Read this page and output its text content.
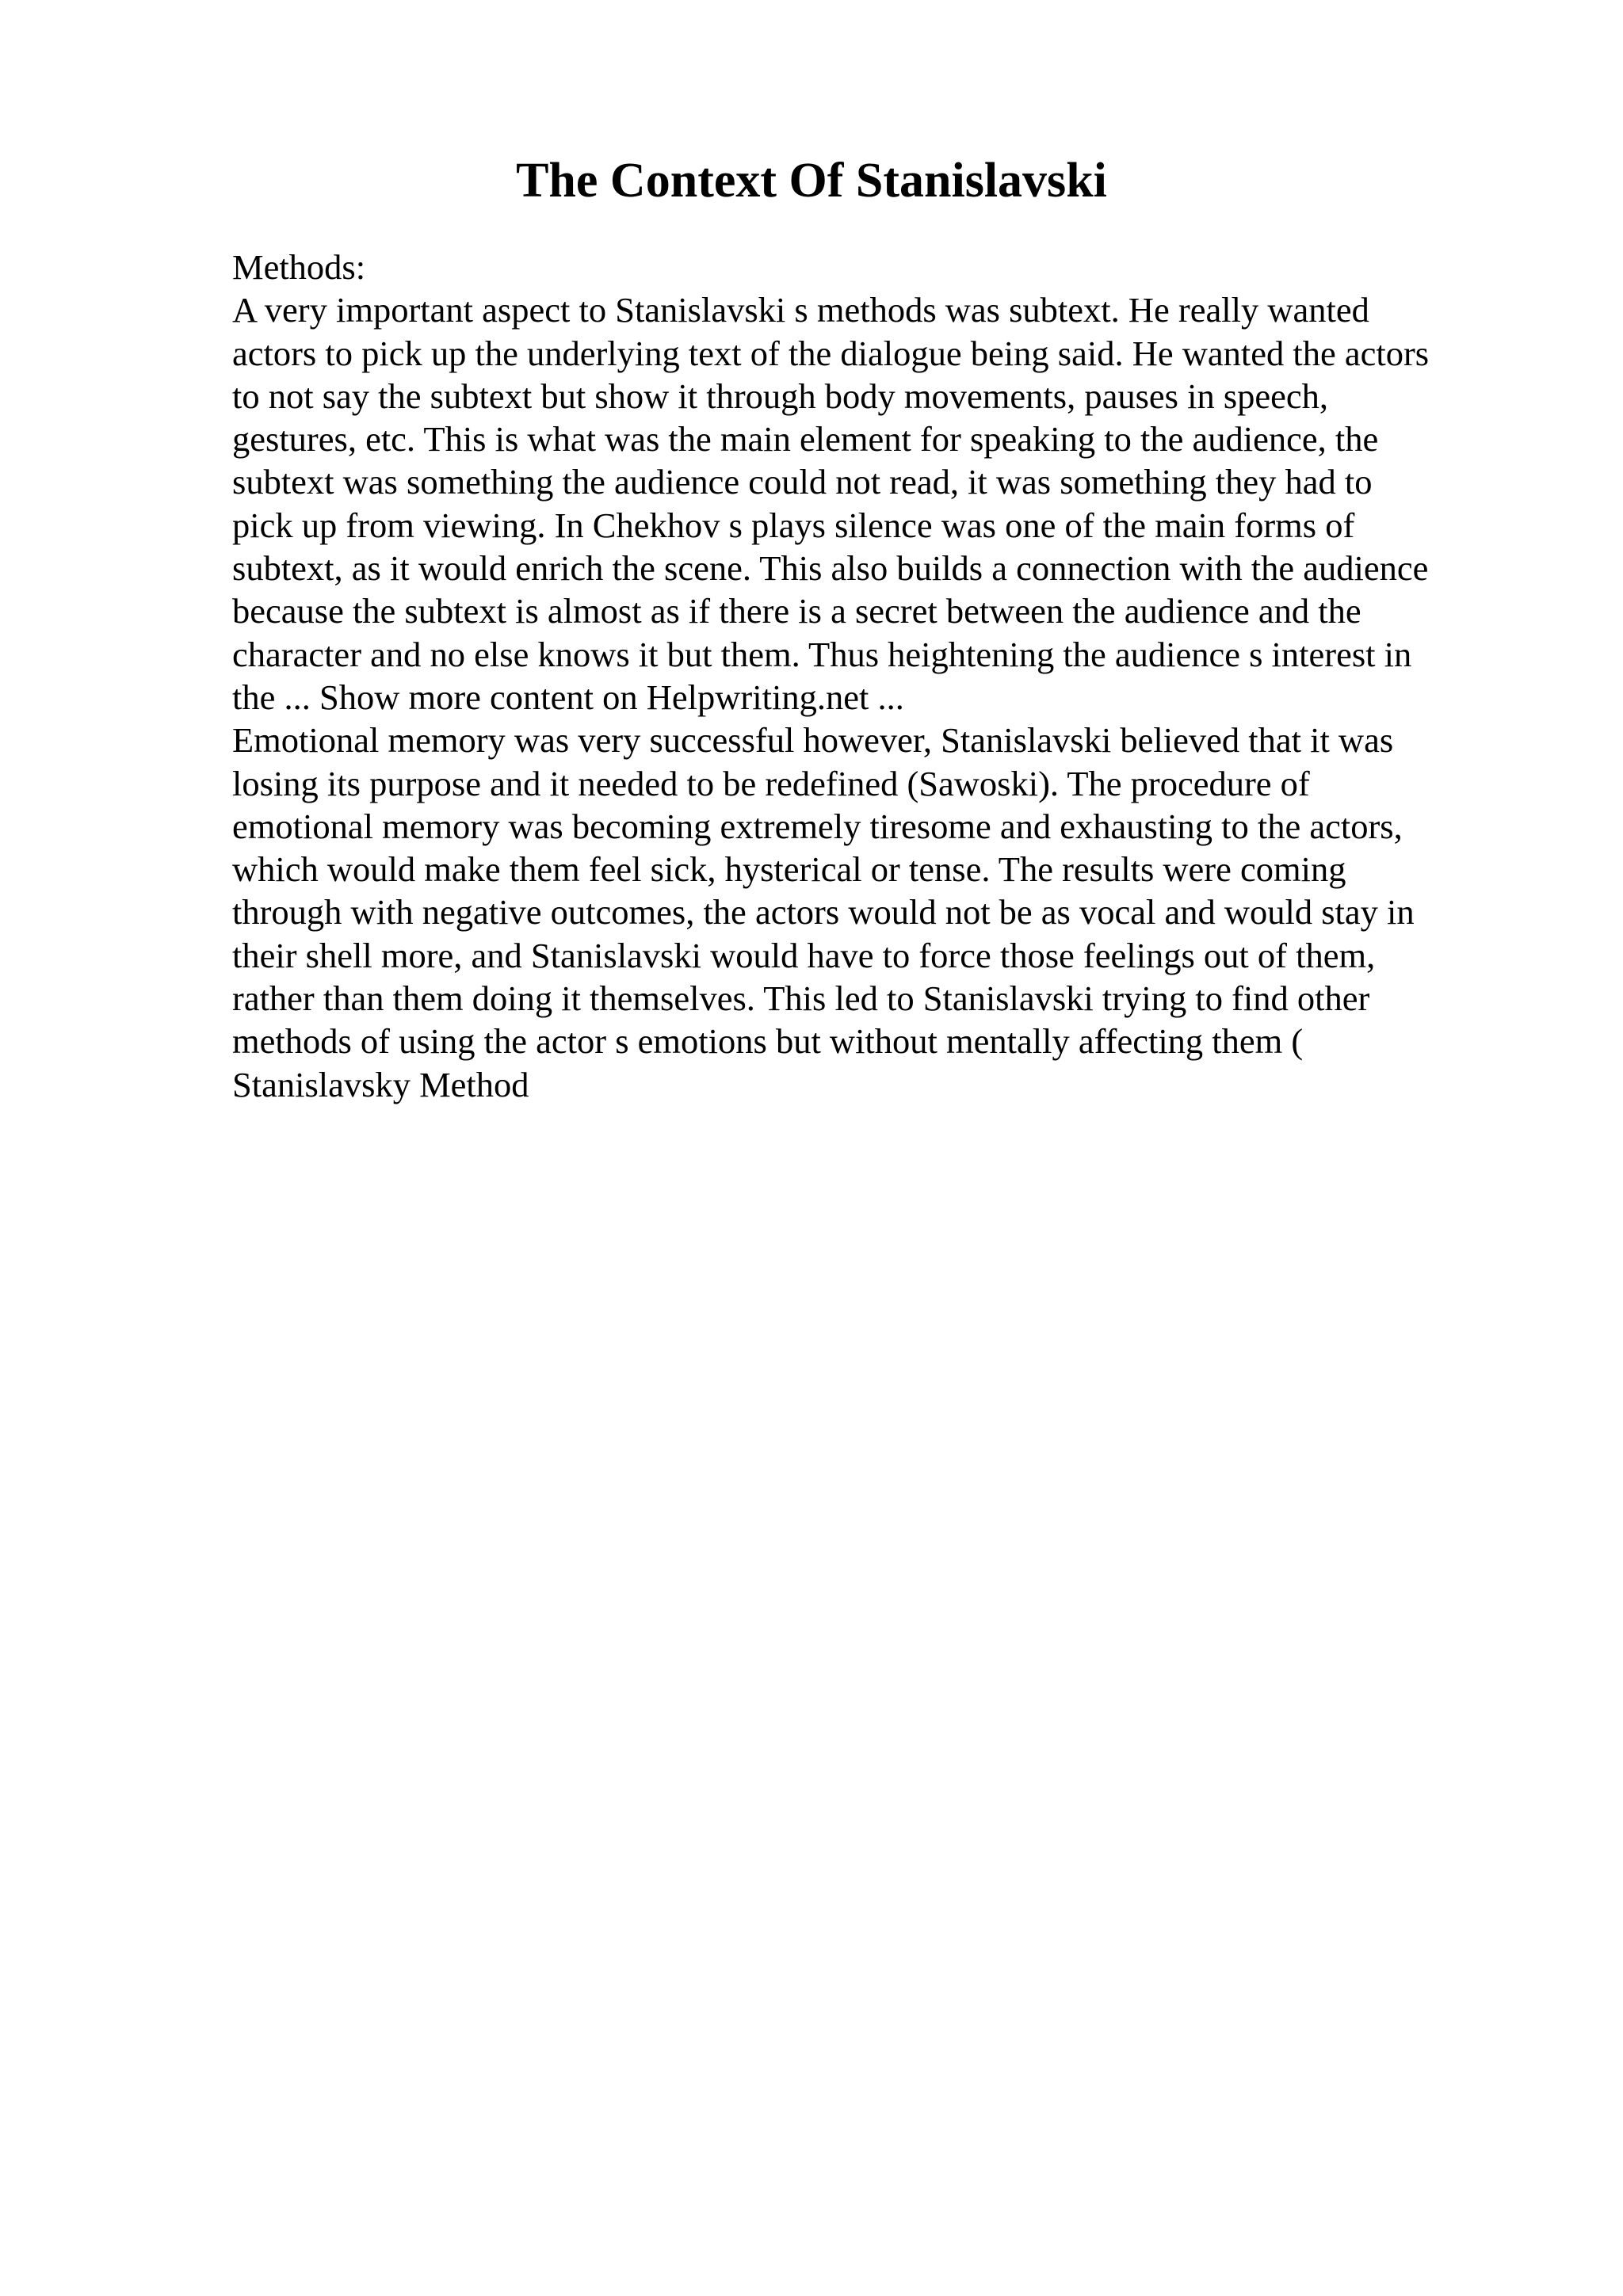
The Context Of Stanislavski
Methods:
A very important aspect to Stanislavski s methods was subtext. He really wanted
actors to pick up the underlying text of the dialogue being said. He wanted the actors
to not say the subtext but show it through body movements, pauses in speech,
gestures, etc. This is what was the main element for speaking to the audience, the
subtext was something the audience could not read, it was something they had to
pick up from viewing. In Chekhov s plays silence was one of the main forms of
subtext, as it would enrich the scene. This also builds a connection with the audience
because the subtext is almost as if there is a secret between the audience and the
character and no else knows it but them. Thus heightening the audience s interest in
the ... Show more content on Helpwriting.net ...
Emotional memory was very successful however, Stanislavski believed that it was
losing its purpose and it needed to be redefined (Sawoski). The procedure of
emotional memory was becoming extremely tiresome and exhausting to the actors,
which would make them feel sick, hysterical or tense. The results were coming
through with negative outcomes, the actors would not be as vocal and would stay in
their shell more, and Stanislavski would have to force those feelings out of them,
rather than them doing it themselves. This led to Stanislavski trying to find other
methods of using the actor s emotions but without mentally affecting them (
Stanislavsky Method
